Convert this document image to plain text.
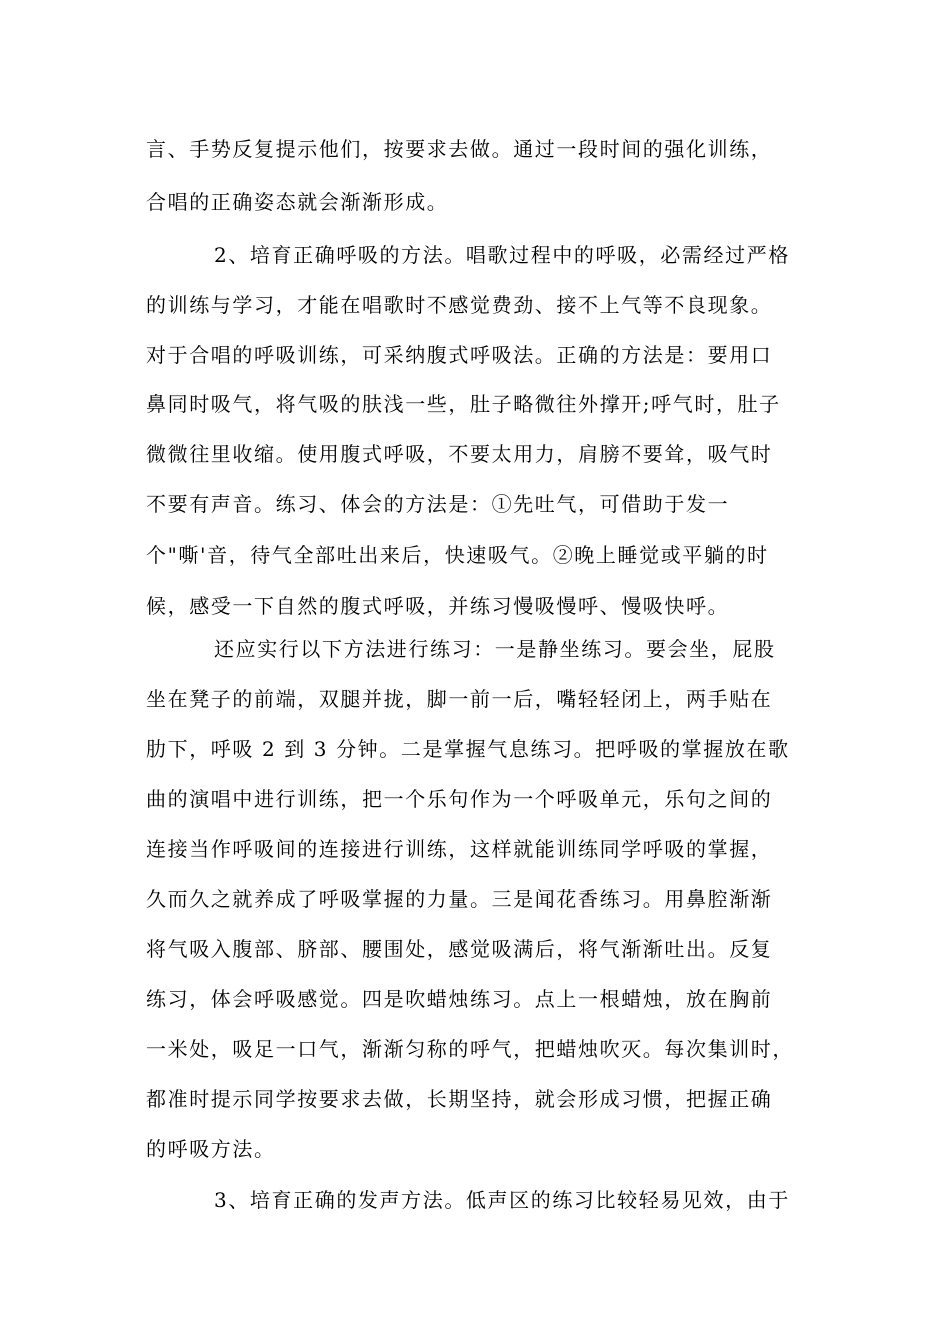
言、手势反复提示他们，按要求去做。通过一段时间的强化训练，
合唱的正确姿态就会渐渐形成。
2、培育正确呼吸的方法。唱歌过程中的呼吸，必需经过严格
的训练与学习，才能在唱歌时不感觉费劲、接不上气等不良现象。
对于合唱的呼吸训练，可采纳腹式呼吸法。正确的方法是：要用口
鼻同时吸气，将气吸的肤浅一些，肚子略微往外撑开;呼气时，肚子
微微往里收缩。使用腹式呼吸，不要太用力，肩膀不要耸，吸气时
不要有声音。练习、体会的方法是：①先吐气，可借助于发一
个"嘶'音，待气全部吐出来后，快速吸气。②晚上睡觉或平躺的时
候，感受一下自然的腹式呼吸，并练习慢吸慢呼、慢吸快呼。
还应实行以下方法进行练习：一是静坐练习。要会坐，屁股
坐在凳子的前端，双腿并拢，脚一前一后，嘴轻轻闭上，两手贴在
肋下，呼吸 2 到 3 分钟。二是掌握气息练习。把呼吸的掌握放在歌
曲的演唱中进行训练，把一个乐句作为一个呼吸单元，乐句之间的
连接当作呼吸间的连接进行训练，这样就能训练同学呼吸的掌握，
久而久之就养成了呼吸掌握的力量。三是闻花香练习。用鼻腔渐渐
将气吸入腹部、脐部、腰围处，感觉吸满后，将气渐渐吐出。反复
练习，体会呼吸感觉。四是吹蜡烛练习。点上一根蜡烛，放在胸前
一米处，吸足一口气，渐渐匀称的呼气，把蜡烛吹灭。每次集训时，
都准时提示同学按要求去做，长期坚持，就会形成习惯，把握正确
的呼吸方法。
3、培育正确的发声方法。低声区的练习比较轻易见效，由于
